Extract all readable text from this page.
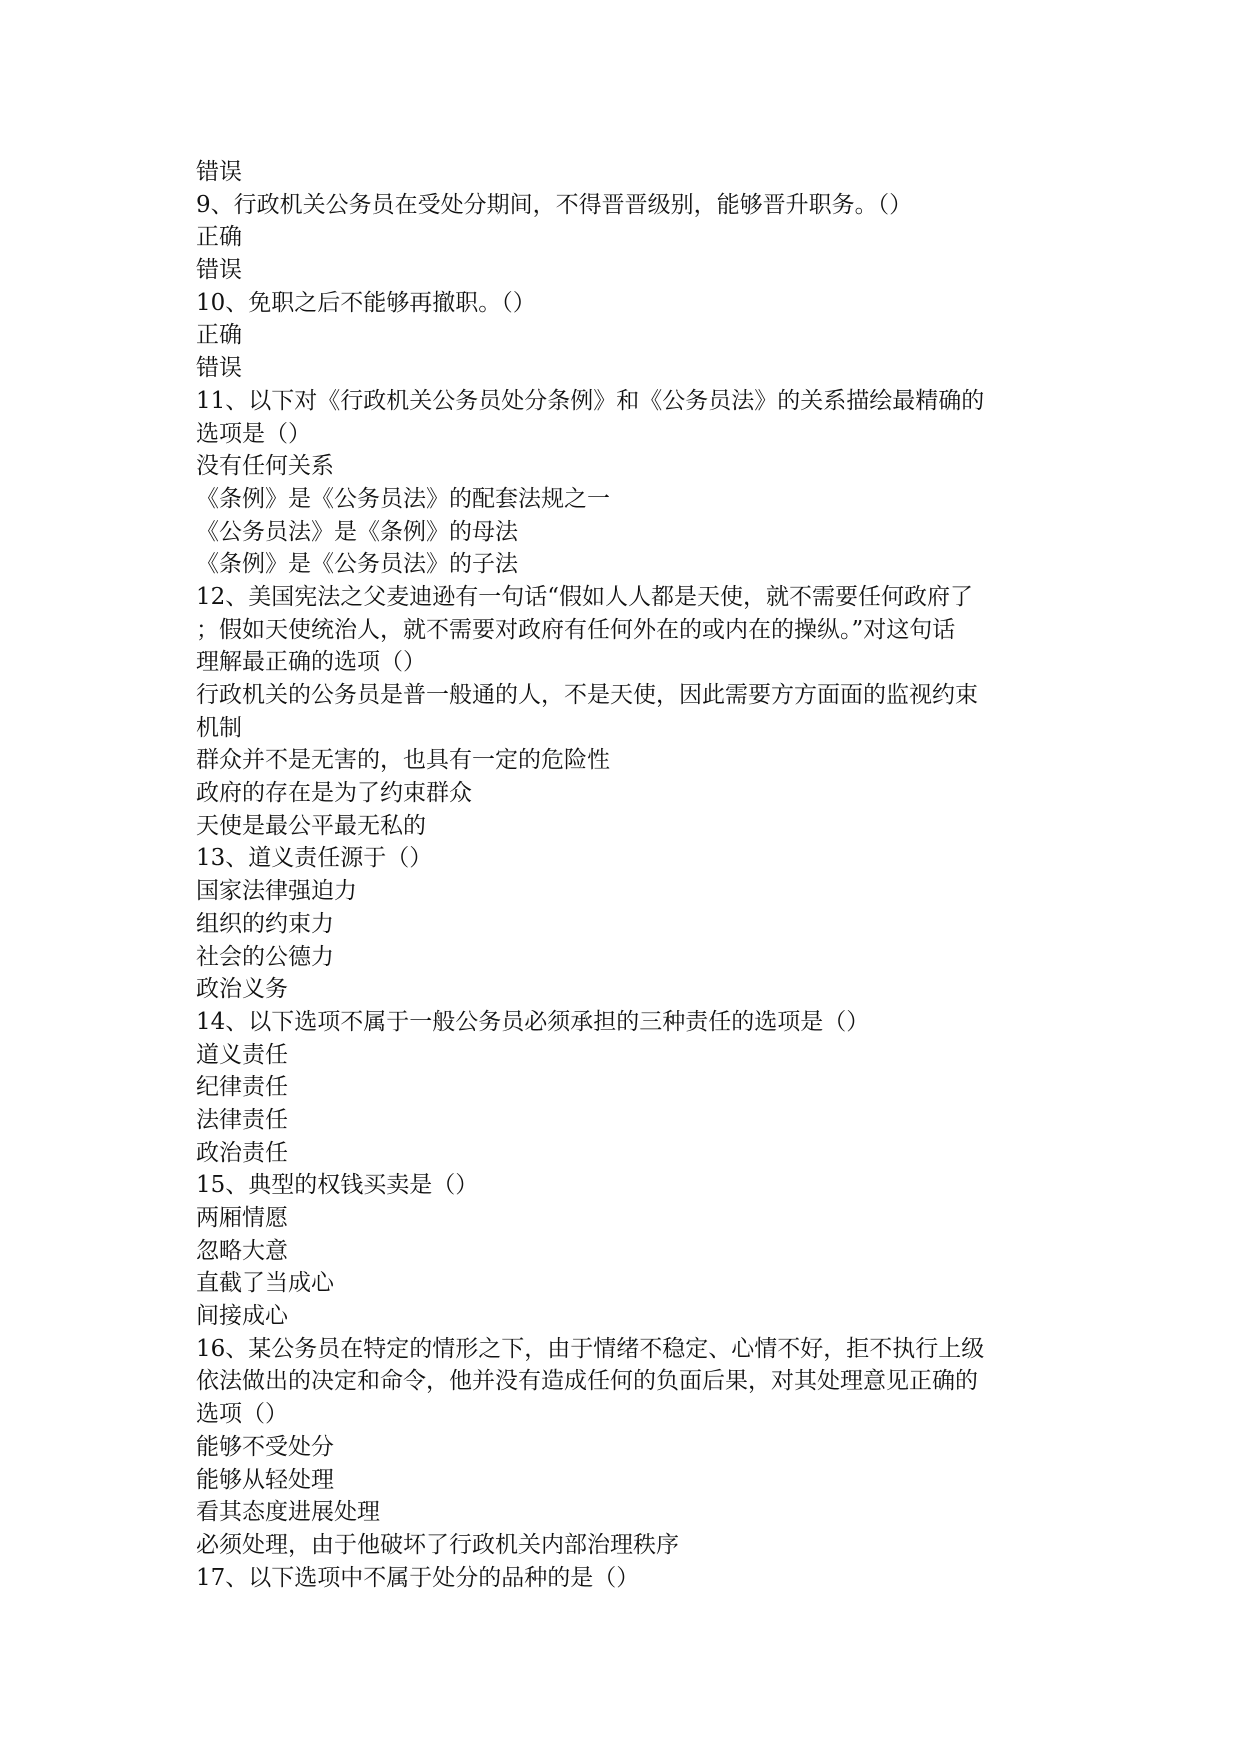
错误
9、行政机关公务员在受处分期间，不得晋晋级别，能够晋升职务。（）
正确
错误
10、免职之后不能够再撤职。（）
正确
错误
11、以下对《行政机关公务员处分条例》和《公务员法》的关系描绘最精确的
选项是（）
没有任何关系
《条例》是《公务员法》的配套法规之一
《公务员法》是《条例》的母法
《条例》是《公务员法》的子法
12、美国宪法之父麦迪逊有一句话“假如人人都是天使，就不需要任何政府了
；假如天使统治人，就不需要对政府有任何外在的或内在的操纵。”对这句话
理解最正确的选项（）
行政机关的公务员是普一般通的人，不是天使，因此需要方方面面的监视约束
机制
群众并不是无害的，也具有一定的危险性
政府的存在是为了约束群众
天使是最公平最无私的
13、道义责任源于（）
国家法律强迫力
组织的约束力
社会的公德力
政治义务
14、以下选项不属于一般公务员必须承担的三种责任的选项是（）
道义责任
纪律责任
法律责任
政治责任
15、典型的权钱买卖是（）
两厢情愿
忽略大意
直截了当成心
间接成心
16、某公务员在特定的情形之下，由于情绪不稳定、心情不好，拒不执行上级
依法做出的决定和命令，他并没有造成任何的负面后果，对其处理意见正确的
选项（）
能够不受处分
能够从轻处理
看其态度进展处理
必须处理，由于他破坏了行政机关内部治理秩序
17、以下选项中不属于处分的品种的是（）
